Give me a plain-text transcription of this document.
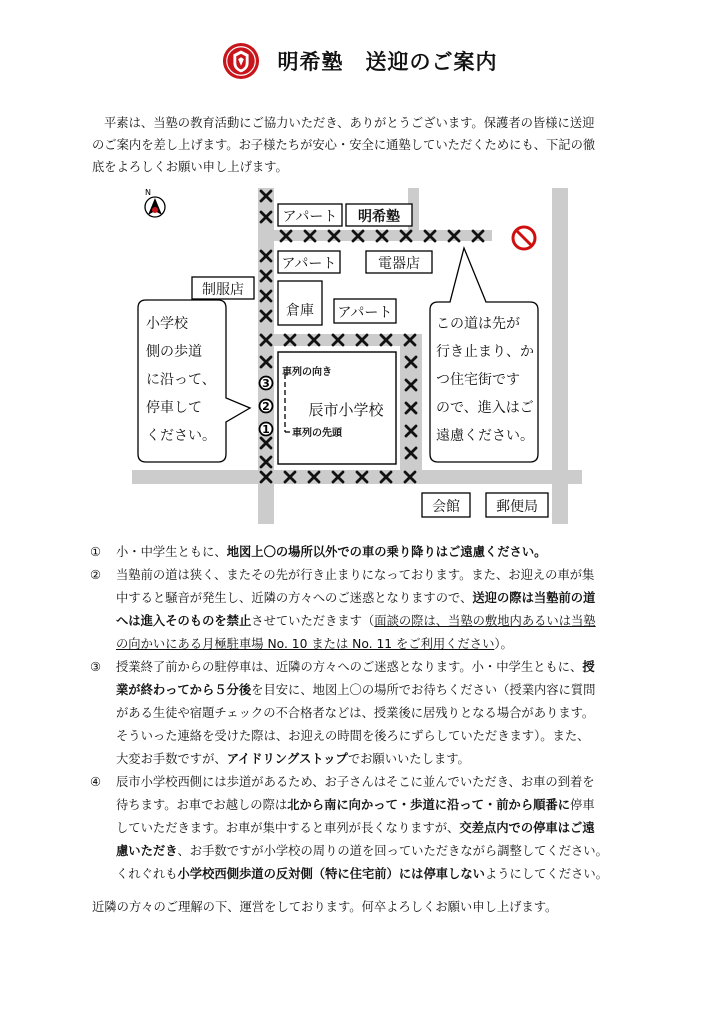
明希塾　送迎のご案内
平素は、当塾の教育活動にご協力いただき、ありがとうございます。保護者の皆様に送迎
のご案内を差し上げます。お子様たちが安心・安全に通塾していただくためにも、下記の徹
底をよろしくお願い申し上げます。
N
アパート 明希塾
アパート	電器店
制服店
倉庫 アパート
辰市小学校
会館	郵便局
3
2
1
車列の向き
車列の先頭
小学校
側の歩道
に沿って、
停車して
ください。
この道は先が
行き止まり、か
つ住宅街です
ので、進入はご
遠慮ください。
① 小・中学生ともに、地図上〇の場所以外での車の乗り降りはご遠慮ください。
② 当塾前の道は狭く、またその先が行き止まりになっております。また、お迎えの車が集
中すると騒音が発生し、近隣の方々へのご迷惑となりますので、送迎の際は当塾前の道
へは進入そのものを禁止させていただきます（面談の際は、当塾の敷地内あるいは当塾
の向かいにある月極駐車場 No. 10 または No. 11 をご利用ください）。
③ 授業終了前からの駐停車は、近隣の方々へのご迷惑となります。小・中学生ともに、授
業が終わってから５分後を目安に、地図上〇の場所でお待ちください（授業内容に質問
がある生徒や宿題チェックの不合格者などは、授業後に居残りとなる場合があります。
そういった連絡を受けた際は、お迎えの時間を後ろにずらしていただきます）。また、
大変お手数ですが、アイドリングストップでお願いいたします。
④ 辰市小学校西側には歩道があるため、お子さんはそこに並んでいただき、お車の到着を
待ちます。お車でお越しの際は北から南に向かって・歩道に沿って・前から順番に停車
していただきます。お車が集中すると車列が長くなりますが、交差点内での停車はご遠
慮いただき、お手数ですが小学校の周りの道を回っていただきながら調整してください。
くれぐれも小学校西側歩道の反対側（特に住宅前）には停車しないようにしてください。
近隣の方々のご理解の下、運営をしております。何卒よろしくお願い申し上げます。
